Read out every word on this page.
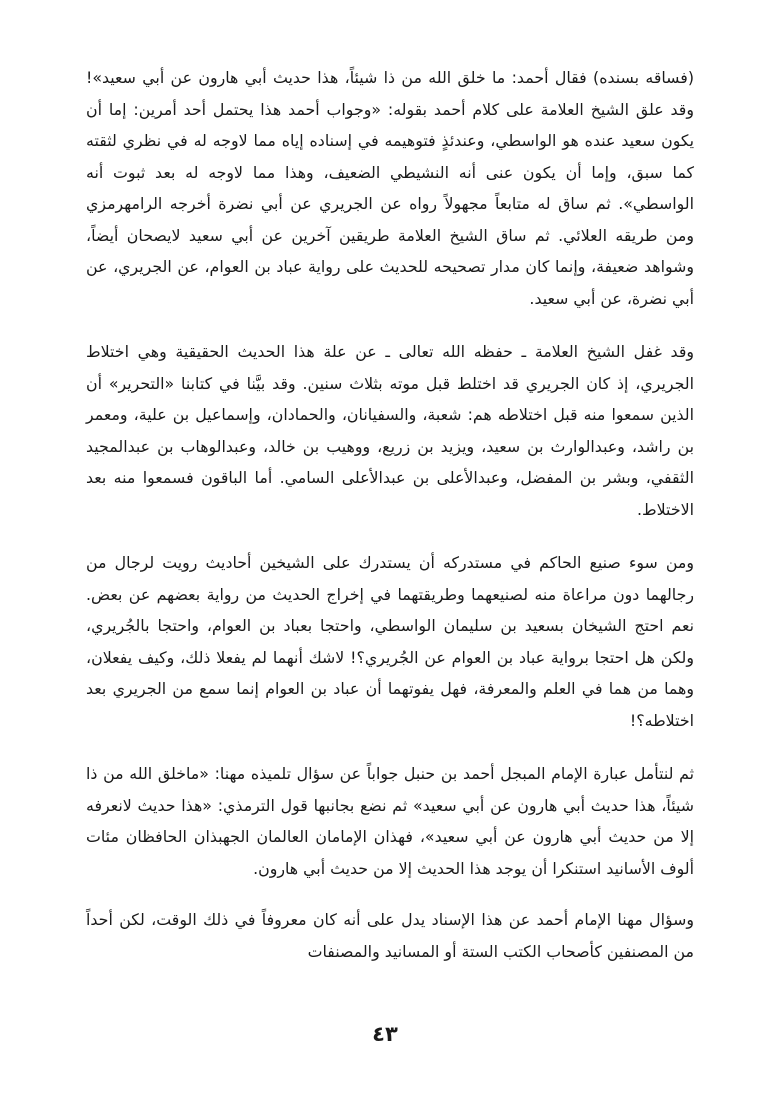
(فساقه بسنده) فقال أحمد: ما خلق الله من ذا شيئاً، هذا حديث أبي هارون عن أبي سعيد»! وقد علق الشيخ العلامة على كلام أحمد بقوله: «وجواب أحمد هذا يحتمل أحد أمرين: إما أن يكون سعيد عنده هو الواسطي، وعندئذٍ فتوهيمه في إسناده إياه مما لاوجه له في نظري لثقته كما سبق، وإما أن يكون عنى أنه النشيطي الضعيف، وهذا مما لاوجه له بعد ثبوت أنه الواسطي». ثم ساق له متابعاً مجهولاً رواه عن الجريري عن أبي نضرة أخرجه الرامهرمزي ومن طريقه العلائي. ثم ساق الشيخ العلامة طريقين آخرين عن أبي سعيد لايصحان أيضاً، وشواهد ضعيفة، وإنما كان مدار تصحيحه للحديث على رواية عباد بن العوام، عن الجريري، عن أبي نضرة، عن أبي سعيد.

وقد غفل الشيخ العلامة ـ حفظه الله تعالى ـ عن علة هذا الحديث الحقيقية وهي اختلاط الجريري، إذ كان الجريري قد اختلط قبل موته بثلاث سنين. وقد بيَّنا في كتابنا «التحرير» أن الذين سمعوا منه قبل اختلاطه هم: شعبة، والسفيانان، والحمادان، وإسماعيل بن علية، ومعمر بن راشد، وعبدالوارث بن سعيد، ويزيد بن زريع، ووهيب بن خالد، وعبدالوهاب بن عبدالمجيد الثقفي، وبشر بن المفضل، وعبدالأعلى بن عبدالأعلى السامي. أما الباقون فسمعوا منه بعد الاختلاط.

ومن سوء صنيع الحاكم في مستدركه أن يستدرك على الشيخين أحاديث رويت لرجال من رجالهما دون مراعاة منه لصنيعهما وطريقتهما في إخراج الحديث من رواية بعضهم عن بعض. نعم احتج الشيخان بسعيد بن سليمان الواسطي، واحتجا بعباد بن العوام، واحتجا بالجُريري، ولكن هل احتجا برواية عباد بن العوام عن الجُريري؟! لاشك أنهما لم يفعلا ذلك، وكيف يفعلان، وهما من هما في العلم والمعرفة، فهل يفوتهما أن عباد بن العوام إنما سمع من الجريري بعد اختلاطه؟!

ثم لنتأمل عبارة الإمام المبجل أحمد بن حنبل جواباً عن سؤال تلميذه مهنا: «ماخلق الله من ذا شيئاً، هذا حديث أبي هارون عن أبي سعيد» ثم نضع بجانبها قول الترمذي: «هذا حديث لانعرفه إلا من حديث أبي هارون عن أبي سعيد»، فهذان الإمامان العالمان الجهبذان الحافظان مئات ألوف الأسانيد استنكرا أن يوجد هذا الحديث إلا من حديث أبي هارون.

وسؤال مهنا الإمام أحمد عن هذا الإسناد يدل على أنه كان معروفاً في ذلك الوقت، لكن أحداً من المصنفين كأصحاب الكتب الستة أو المسانيد والمصنفات

٤٣
